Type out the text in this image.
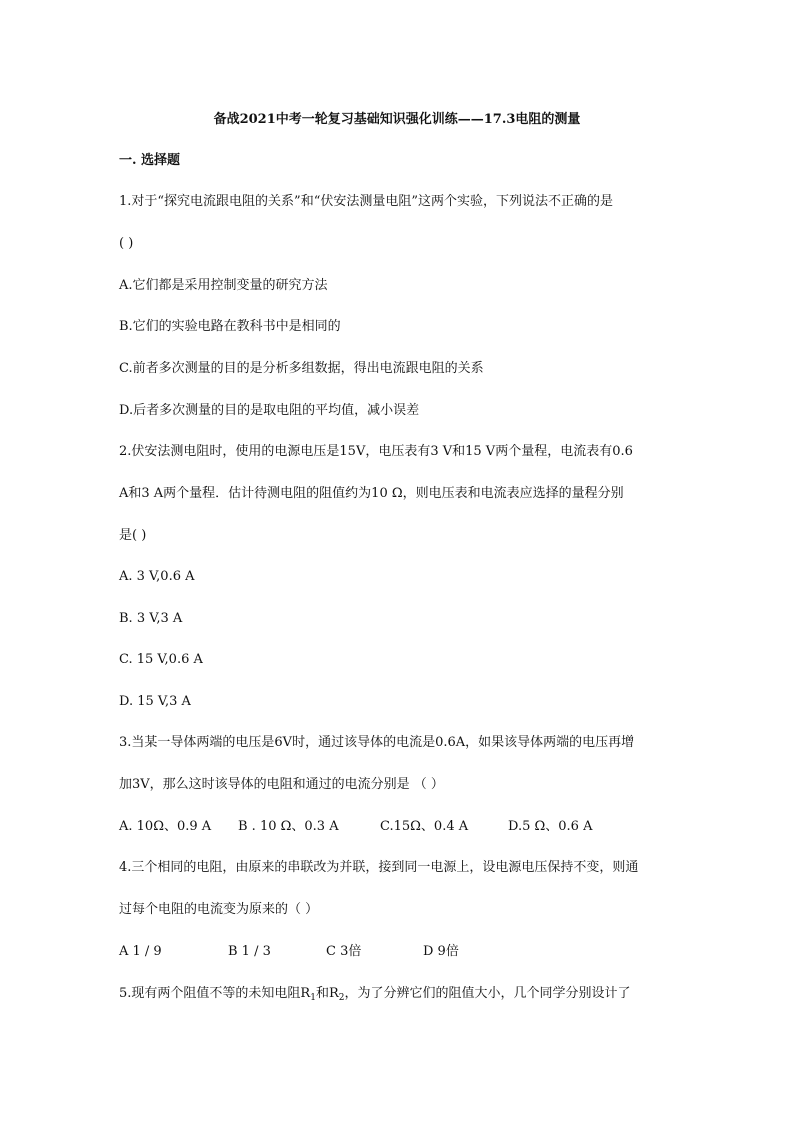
备战2021中考一轮复习基础知识强化训练——17.3电阻的测量
一. 选择题
1.对于“探究电流跟电阻的关系”和“伏安法测量电阻”这两个实验，下列说法不正确的是
( )
A.它们都是采用控制变量的研究方法
B.它们的实验电路在教科书中是相同的
C.前者多次测量的目的是分析多组数据，得出电流跟电阻的关系
D.后者多次测量的目的是取电阻的平均值，减小误差
2.伏安法测电阻时，使用的电源电压是15V，电压表有3 V和15 V两个量程，电流表有0.6
A和3 A两个量程．估计待测电阻的阻值约为10 Ω，则电压表和电流表应选择的量程分别
是( )
A. 3 V,0.6 A
B. 3 V,3 A
C. 15 V,0.6 A
D. 15 V,3 A
3.当某一导体两端的电压是6V时，通过该导体的电流是0.6A，如果该导体两端的电压再增
加3V，那么这时该导体的电阻和通过的电流分别是 （ ）
A. 10Ω、0.9 A B . 10 Ω、0.3 A	C.15Ω、0.4 A	D.5 Ω、0.6 A
4.三个相同的电阻，由原来的串联改为并联，接到同一电源上，设电源电压保持不变，则通
过每个电阻的电流变为原来的（ ）
A 1 / 9	B 1 / 3	C 3倍	D 9倍
5.现有两个阻值不等的未知电阻$R_1$和$R_2$，为了分辨它们的阻值大小，几个同学分别设计了
